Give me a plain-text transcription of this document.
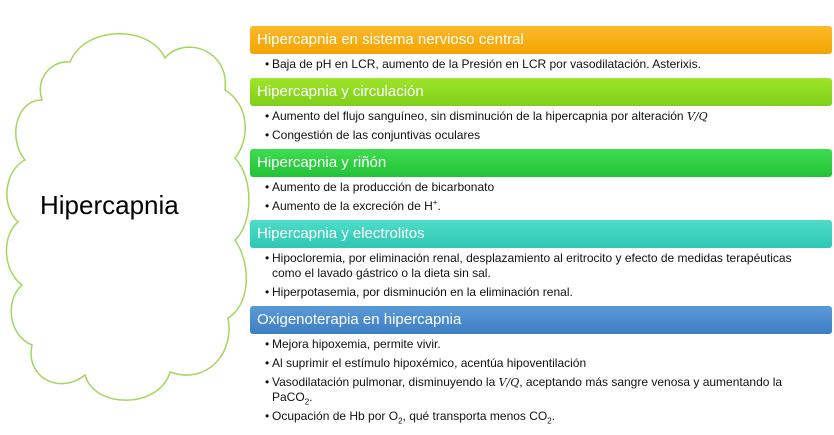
Hipercapnia
Hipercapnia en sistema nervioso central
• Baja de pH en LCR, aumento de la Presión en LCR por vasodilatación. Asterixis.
Hipercapnia y circulación
• Aumento del flujo sanguíneo, sin disminución de la hipercapnia por alteración V/Q
• Congestión de las conjuntivas oculares
Hipercapnia y riñón
• Aumento de la producción de bicarbonato
• Aumento de la excreción de H+.
Hipercapnia y electrolitos
• Hipocloremia, por eliminación renal, desplazamiento al eritrocito y efecto de medidas terapéuticas como el lavado gástrico o la dieta sin sal.
• Hiperpotasemia, por disminución en la eliminación renal.
Oxigenoterapia en hipercapnia
• Mejora hipoxemia, permite vivir.
• Al suprimir el estímulo hipoxémico, acentúa hipoventilación
• Vasodilatación pulmonar, disminuyendo la V/Q, aceptando más sangre venosa y aumentando la PaCO$_2$.
• Ocupación de Hb por $O_2$, qué transporta menos $CO_2$.
